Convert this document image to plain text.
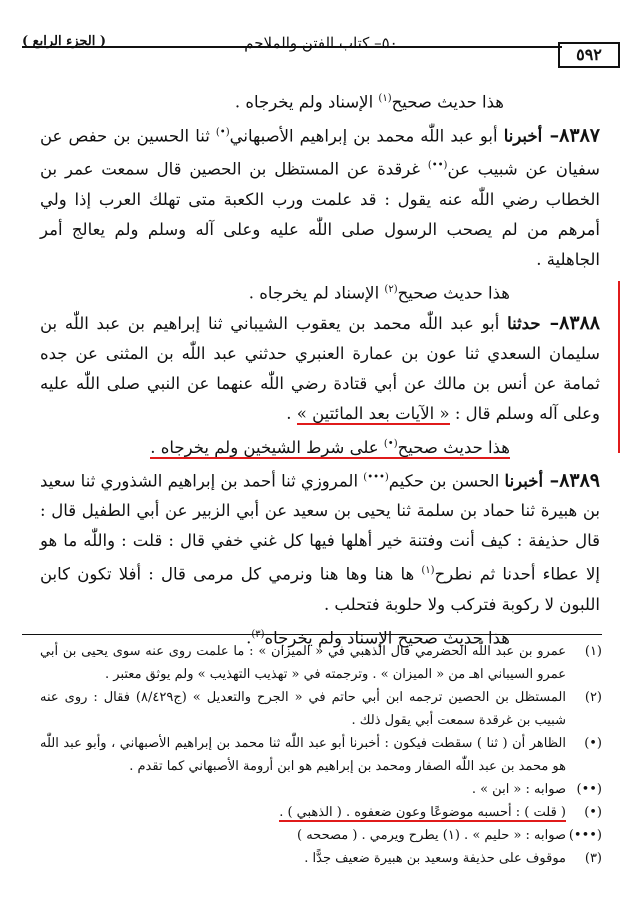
( الجزء الرابع )	٥٠– كتاب الفتن والملاحم
٥٩٢

هذا حديث صحيح$^{(١)}$ الإسناد ولم يخرجاه .

٨٣٨٧– أخبرنا أبو عبد اللّٰه محمد بن إبراهيم الأصبهاني(•) ثنا الحسين بن حفص عن سفيان عن شبيب عن(••) غرقدة عن المستظل بن الحصين قال سمعت عمر بن الخطاب رضي اللّٰه عنه يقول : قد علمت ورب الكعبة متى تهلك العرب إذا ولي أمرهم من لم يصحب الرسول صلى اللّٰه عليه وعلى آله وسلم ولم يعالج أمر الجاهلية .

هذا حديث صحيح$^{(٢)}$ الإسناد لم يخرجاه .

٨٣٨٨– حدثنا أبو عبد اللّٰه محمد بن يعقوب الشيباني ثنا إبراهيم بن عبد اللّٰه بن سليمان السعدي ثنا عون بن عمارة العنبري حدثني عبد اللّٰه بن المثنى عن جده ثمامة عن أنس بن مالك عن أبي قتادة رضي اللّٰه عنهما عن النبي صلى اللّٰه عليه وعلى آله وسلم قال : « الآيات بعد المائتين » .

هذا حديث صحيح(•) على شرط الشيخين ولم يخرجاه .

٨٣٨٩– أخبرنا الحسن بن حكيم(•••) المروزي ثنا أحمد بن إبراهيم الشذوري ثنا سعيد بن هبيرة ثنا حماد بن سلمة ثنا يحيى بن سعيد عن أبي الزبير عن أبي الطفيل قال : قال حذيفة : كيف أنت وفتنة خير أهلها فيها كل غني خفي قال : قلت : واللّٰه ما هو إلا عطاء أحدنا ثم نطرح$^{(١)}$ ها هنا وها هنا ونرمي كل مرمى قال : أفلا تكون كابن اللبون لا ركوبة فتركب ولا حلوبة فتحلب .

هذا حديث صحيح الإسناد ولم يخرجاه$^{(٣)}$.

(١)
عمرو بن عبد اللّٰه الحضرمي قال الذهبي في « الميزان » : ما علمت روى عنه سوى يحيى بن أبي عمرو السيباني اهـ من « الميزان » . وترجمته في « تهذيب التهذيب » ولم يوثق معتبر .

(٢)
المستظل بن الحصين ترجمه ابن أبي حاتم في « الجرح والتعديل » (ج٨/٤٢٩) فقال : روى عنه شبيب بن غرقدة سمعت أبي يقول ذلك .

(•)
الظاهر أن ( ثنا ) سقطت فيكون : أخبرنا أبو عبد اللّٰه ثنا محمد بن إبراهيم الأصبهاني ، وأبو عبد اللّٰه هو محمد بن عبد اللّٰه الصفار ومحمد بن إبراهيم هو ابن أرومة الأصبهاني كما تقدم .

(••)
صوابه : « ابن » .

(•)
( قلت ) : أحسبه موضوعًا وعون ضعفوه . ( الذهبي ) .

(•••)
صوابه : « حليم » . (١) يطرح ويرمي . ( مصححه )

(٣)
موقوف على حذيفة وسعيد بن هبيرة ضعيف جدًّا .
